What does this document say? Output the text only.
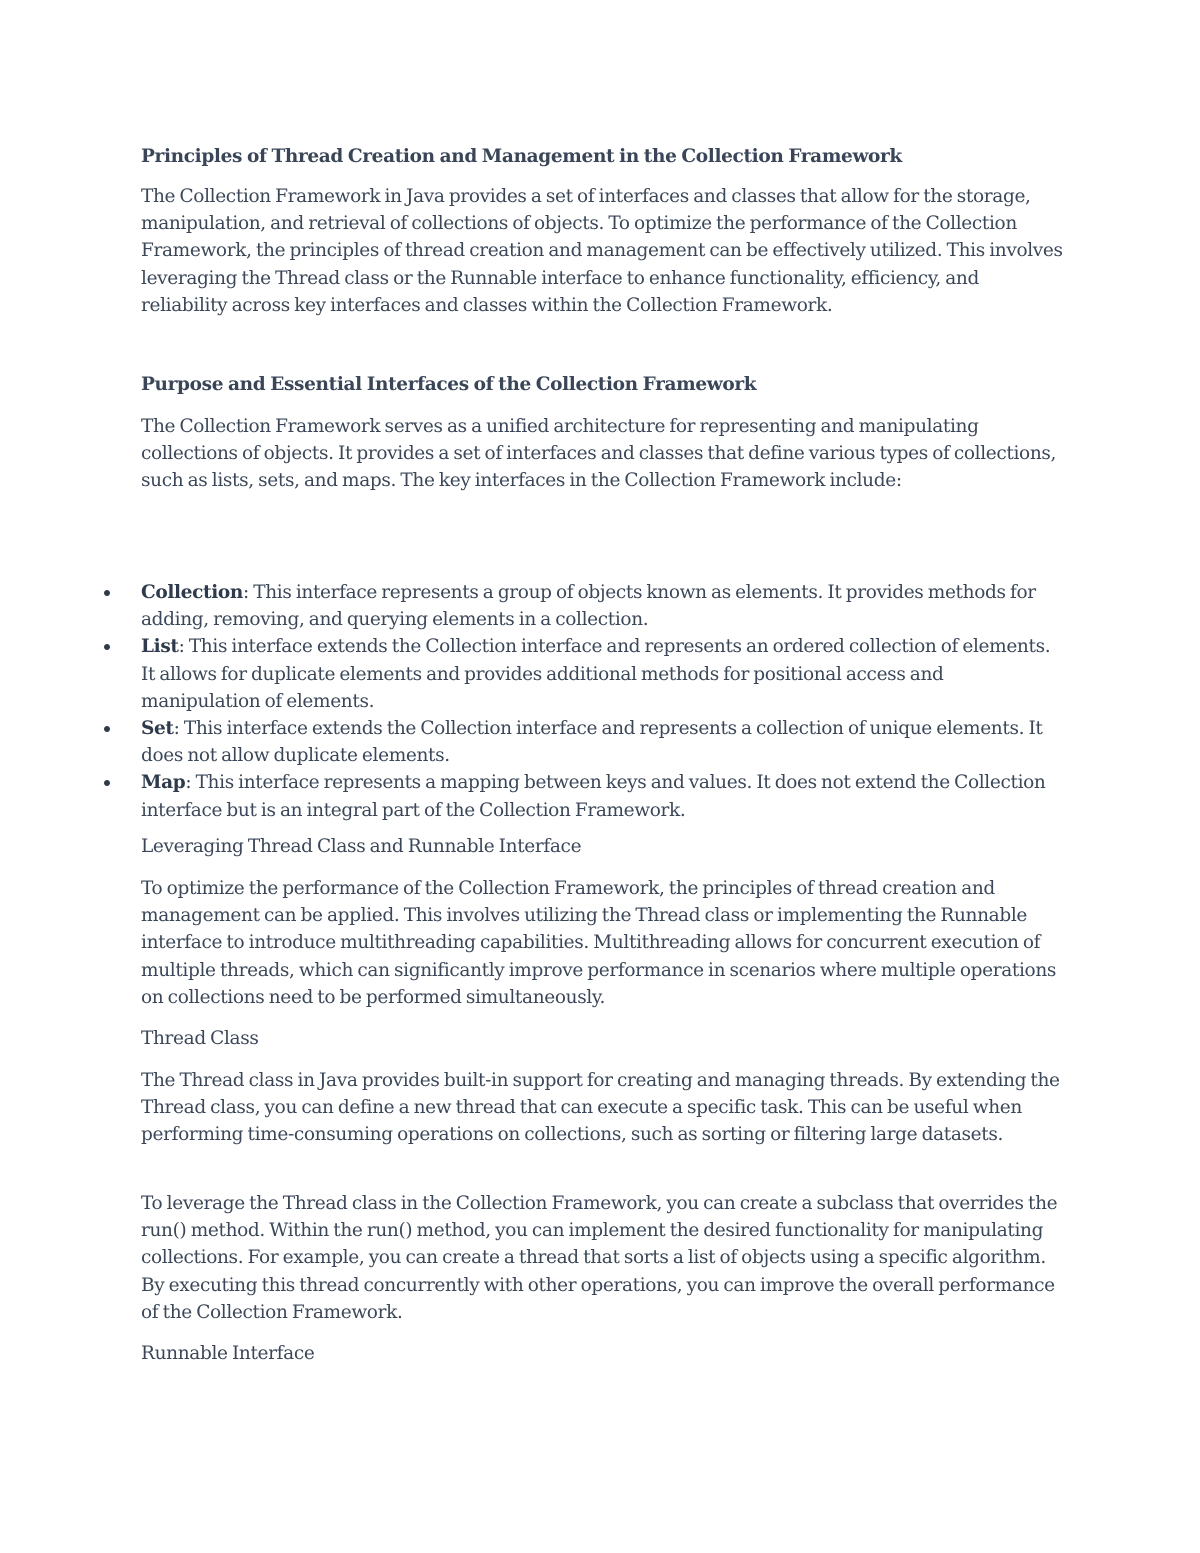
Principles of Thread Creation and Management in the Collection Framework
The Collection Framework in Java provides a set of interfaces and classes that allow for the storage, manipulation, and retrieval of collections of objects. To optimize the performance of the Collection Framework, the principles of thread creation and management can be effectively utilized. This involves leveraging the Thread class or the Runnable interface to enhance functionality, efficiency, and reliability across key interfaces and classes within the Collection Framework.
Purpose and Essential Interfaces of the Collection Framework
The Collection Framework serves as a unified architecture for representing and manipulating collections of objects. It provides a set of interfaces and classes that define various types of collections, such as lists, sets, and maps. The key interfaces in the Collection Framework include:
Collection: This interface represents a group of objects known as elements. It provides methods for adding, removing, and querying elements in a collection.
List: This interface extends the Collection interface and represents an ordered collection of elements. It allows for duplicate elements and provides additional methods for positional access and manipulation of elements.
Set: This interface extends the Collection interface and represents a collection of unique elements. It does not allow duplicate elements.
Map: This interface represents a mapping between keys and values. It does not extend the Collection interface but is an integral part of the Collection Framework.
Leveraging Thread Class and Runnable Interface
To optimize the performance of the Collection Framework, the principles of thread creation and management can be applied. This involves utilizing the Thread class or implementing the Runnable interface to introduce multithreading capabilities. Multithreading allows for concurrent execution of multiple threads, which can significantly improve performance in scenarios where multiple operations on collections need to be performed simultaneously.
Thread Class
The Thread class in Java provides built-in support for creating and managing threads. By extending the Thread class, you can define a new thread that can execute a specific task. This can be useful when performing time-consuming operations on collections, such as sorting or filtering large datasets.
To leverage the Thread class in the Collection Framework, you can create a subclass that overrides the run() method. Within the run() method, you can implement the desired functionality for manipulating collections. For example, you can create a thread that sorts a list of objects using a specific algorithm. By executing this thread concurrently with other operations, you can improve the overall performance of the Collection Framework.
Runnable Interface
